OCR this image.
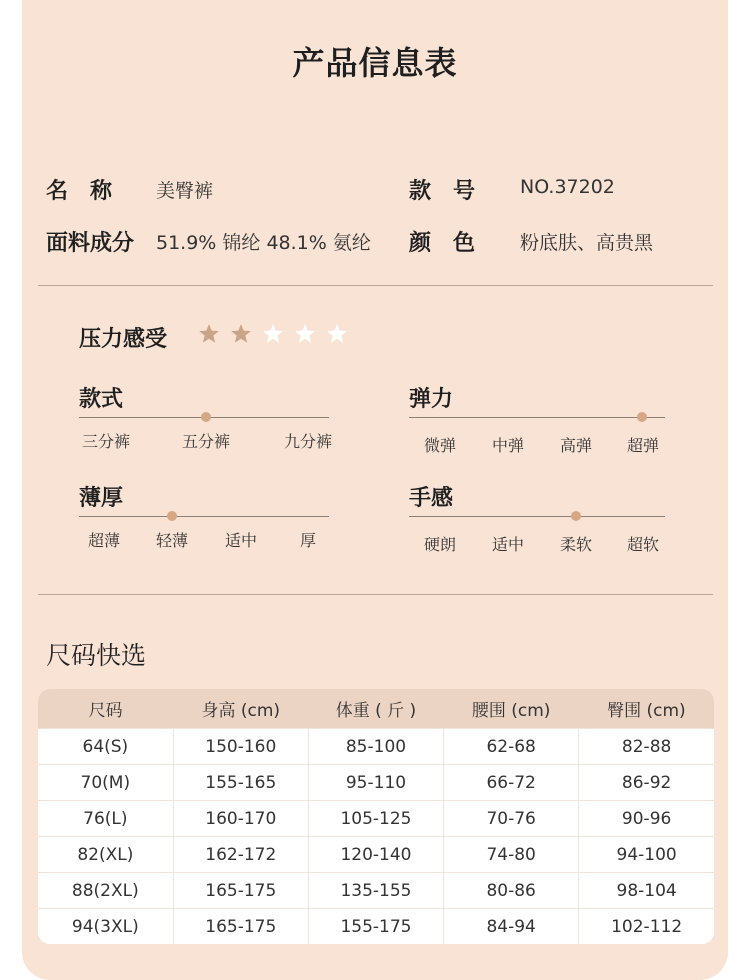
产品信息表
名　称 美臀裤	款　号 NO.37202
面料成分 51.9% 锦纶 48.1% 氨纶 颜　色 粉底肤、高贵黑
压力感受
款式
三分裤	五分裤	九分裤
弹力
微弹	中弹	高弹	超弹
薄厚
超薄	轻薄	适中	厚
手感
硬朗	适中	柔软	超软
尺码快选
尺码	身高 (cm)	体重 ( 斤 )	腰围 (cm)	臀围 (cm)
64(S)	150-160	85-100	62-68	82-88
70(M)	155-165	95-110	66-72	86-92
76(L)	160-170	105-125	70-76	90-96
82(XL)	162-172	120-140	74-80	94-100
88(2XL)	165-175	135-155	80-86	98-104
94(3XL)	165-175	155-175	84-94	102-112
